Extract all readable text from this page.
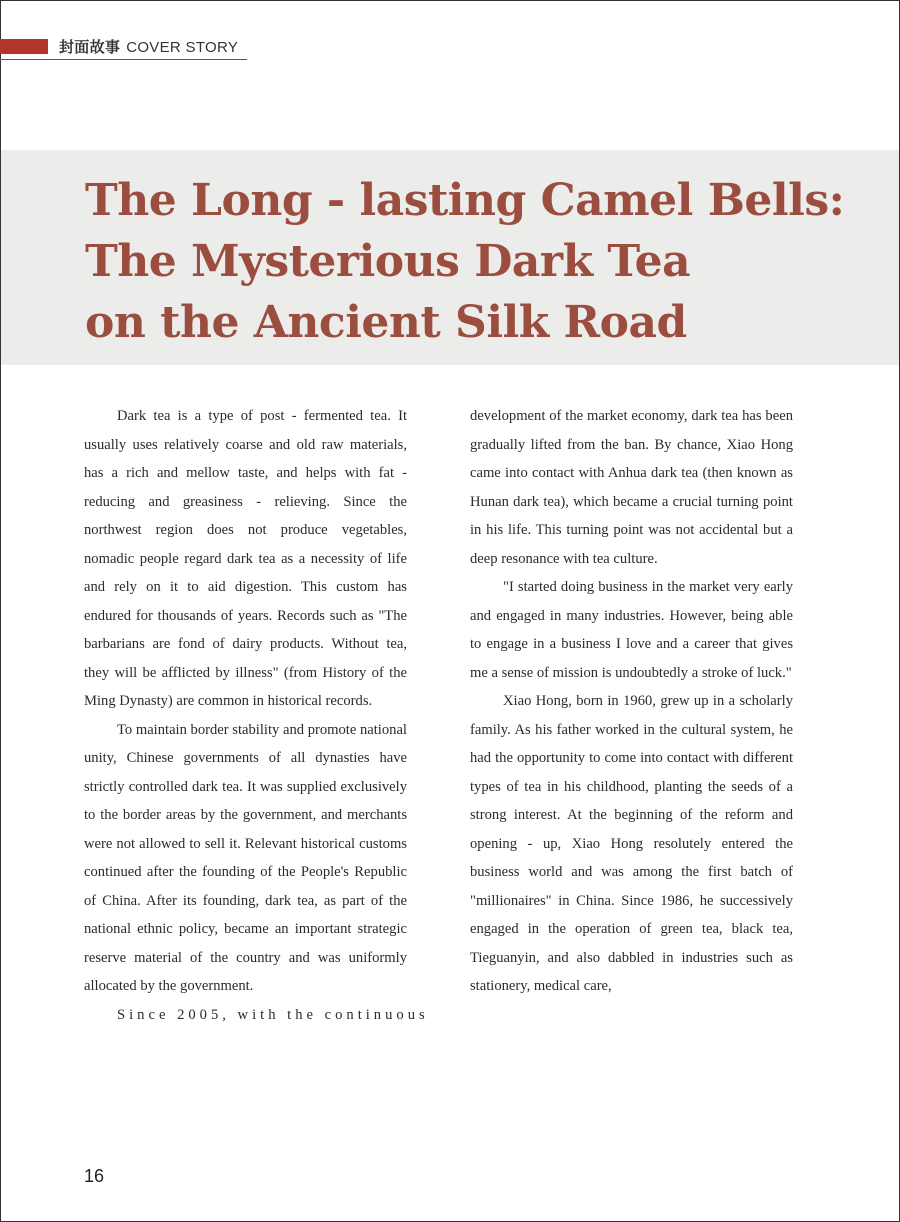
封面故事 COVER STORY
The Long - lasting Camel Bells:
The Mysterious Dark Tea
on the Ancient Silk Road

Dark tea is a type of post - fermented tea. It usually uses relatively coarse and old raw materials, has a rich and mellow taste, and helps with fat - reducing and greasiness - relieving. Since the northwest region does not produce vegetables, nomadic people regard dark tea as a necessity of life and rely on it to aid digestion. This custom has endured for thousands of years. Records such as "The barbarians are fond of dairy products. Without tea, they will be afflicted by illness" (from History of the Ming Dynasty) are common in historical records.

To maintain border stability and promote national unity, Chinese governments of all dynasties have strictly controlled dark tea. It was supplied exclusively to the border areas by the government, and merchants were not allowed to sell it. Relevant historical customs continued after the founding of the People's Republic of China. After its founding, dark tea, as part of the national ethnic policy, became an important strategic reserve material of the country and was uniformly allocated by the government.

Since 2005, with the continuous

development of the market economy, dark tea has been gradually lifted from the ban. By chance, Xiao Hong came into contact with Anhua dark tea (then known as Hunan dark tea), which became a crucial turning point in his life. This turning point was not accidental but a deep resonance with tea culture.

"I started doing business in the market very early and engaged in many industries. However, being able to engage in a business I love and a career that gives me a sense of mission is undoubtedly a stroke of luck."

Xiao Hong, born in 1960, grew up in a scholarly family. As his father worked in the cultural system, he had the opportunity to come into contact with different types of tea in his childhood, planting the seeds of a strong interest. At the beginning of the reform and opening - up, Xiao Hong resolutely entered the business world and was among the first batch of "millionaires" in China. Since 1986, he successively engaged in the operation of green tea, black tea, Tieguanyin, and also dabbled in industries such as stationery, medical care,

16
